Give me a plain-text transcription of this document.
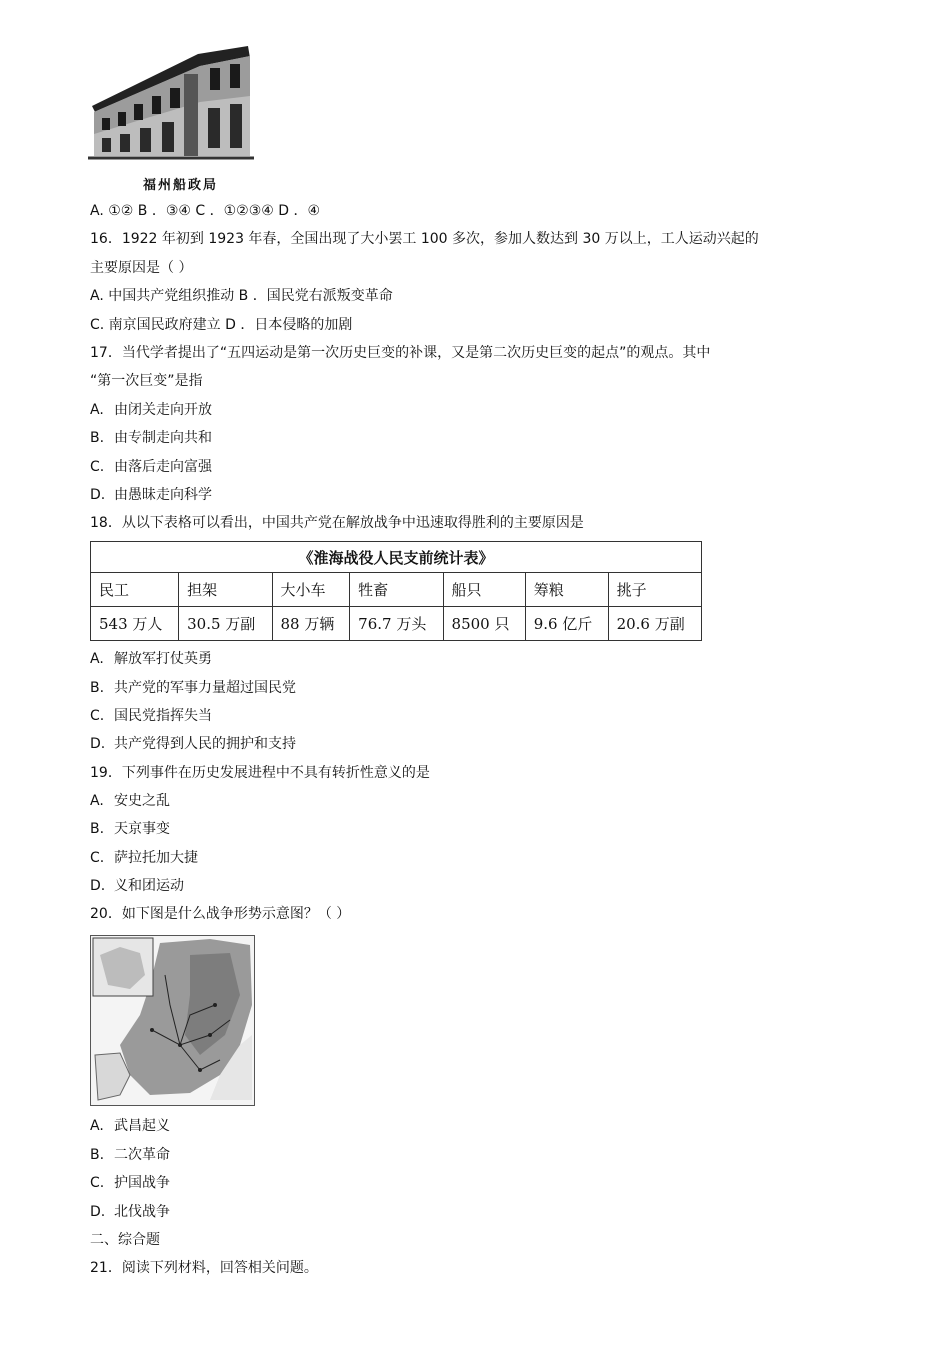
福州船政局
A. ①② B ．③④ C ．①②③④ D ．④
16．1922 年初到 1923 年春，全国出现了大小罢工 100 多次，参加人数达到 30 万以上，工人运动兴起的
主要原因是（ ）
A. 中国共产党组织推动 B ．国民党右派叛变革命
C. 南京国民政府建立 D ．日本侵略的加剧
17．当代学者提出了“五四运动是第一次历史巨变的补课，又是第二次历史巨变的起点”的观点。其中
“第一次巨变”是指
A. 由闭关走向开放
B. 由专制走向共和
C. 由落后走向富强
D. 由愚昧走向科学
18．从以下表格可以看出，中国共产党在解放战争中迅速取得胜利的主要原因是
《淮海战役人民支前统计表》						
民工	担架	大小车	牲畜	船只	筹粮	挑子
543 万人	30.5 万副	88 万辆	76.7 万头	8500 只	9.6 亿斤	20.6 万副
A. 解放军打仗英勇
B. 共产党的军事力量超过国民党
C. 国民党指挥失当
D. 共产党得到人民的拥护和支持
19．下列事件在历史发展进程中不具有转折性意义的是
A. 安史之乱
B. 天京事变
C. 萨拉托加大捷
D. 义和团运动
20．如下图是什么战争形势示意图？（ ）
A. 武昌起义
B. 二次革命
C. 护国战争
D. 北伐战争
二、综合题
21．阅读下列材料，回答相关问题。
